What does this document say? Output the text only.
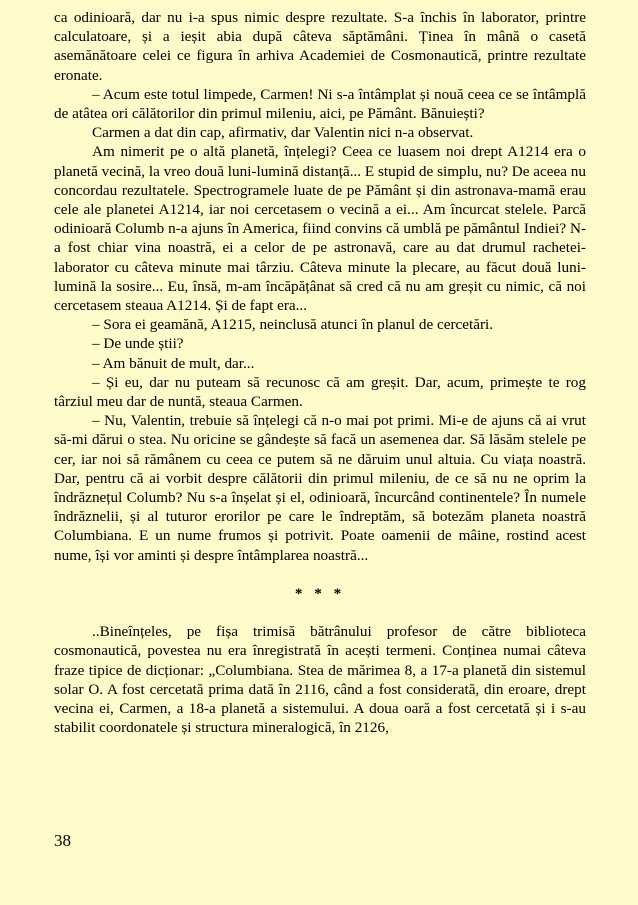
ca odinioară, dar nu i-a spus nimic despre rezultate. S-a închis în laborator, printre calculatoare, și a ieșit abia după câteva săptămâni. Ținea în mână o casetă asemănătoare celei ce figura în arhiva Academiei de Cosmonautică, printre rezultate eronate.

– Acum este totul limpede, Carmen! Ni s-a întâmplat și nouă ceea ce se întâmplă de atâtea ori călătorilor din primul mileniu, aici, pe Pământ. Bănuiești?

Carmen a dat din cap, afirmativ, dar Valentin nici n-a observat.

Am nimerit pe o altă planetă, înțelegi? Ceea ce luasem noi drept A1214 era o planetă vecină, la vreo două luni-lumină distanță... E stupid de simplu, nu? De aceea nu concordau rezultatele. Spectrogramele luate de pe Pământ și din astronava-mamă erau cele ale planetei A1214, iar noi cercetasem o vecină a ei... Am încurcat stelele. Parcă odinioară Columb n-a ajuns în America, fiind convins că umblă pe pământul Indiei? N-a fost chiar vina noastră, ei a celor de pe astronavă, care au dat drumul rachetei-laborator cu câteva minute mai târziu. Câteva minute la plecare, au făcut două luni-lumină la sosire... Eu, însă, m-am încăpățânat să cred că nu am greșit cu nimic, că noi cercetasem steaua A1214. Și de fapt era...

– Sora ei geamănă, A1215, neinclusă atunci în planul de cercetări.

– De unde știi?

– Am bănuit de mult, dar...

– Și eu, dar nu puteam să recunosc că am greșit. Dar, acum, primește te rog târziul meu dar de nuntă, steaua Carmen.

– Nu, Valentin, trebuie să înțelegi că n-o mai pot primi. Mi-e de ajuns că ai vrut să-mi dărui o stea. Nu oricine se gândește să facă un asemenea dar. Să lăsăm stelele pe cer, iar noi să rămânem cu ceea ce putem să ne dăruim unul altuia. Cu viața noastră. Dar, pentru că ai vorbit despre călătorii din primul mileniu, de ce să nu ne oprim la îndrăznețul Columb? Nu s-a înșelat și el, odinioară, încurcând continentele? În numele îndrăznelii, și al tuturor erorilor pe care le îndreptăm, să botezăm planeta noastră Columbiana. E un nume frumos și potrivit. Poate oamenii de mâine, rostind acest nume, își vor aminti și despre întâmplarea noastră...

* * *

..Bineînțeles, pe fișa trimisă bătrânului profesor de către biblioteca cosmonautică, povestea nu era înregistrată în acești termeni. Conținea numai câteva fraze tipice de dicționar: „Columbiana. Stea de mărimea 8, a 17-a planetă din sistemul solar O. A fost cercetată prima dată în 2116, când a fost considerată, din eroare, drept vecina ei, Carmen, a 18-a planetă a sistemului. A doua oară a fost cercetată și i s-au stabilit coordonatele și structura mineralogică, în 2126,

38
